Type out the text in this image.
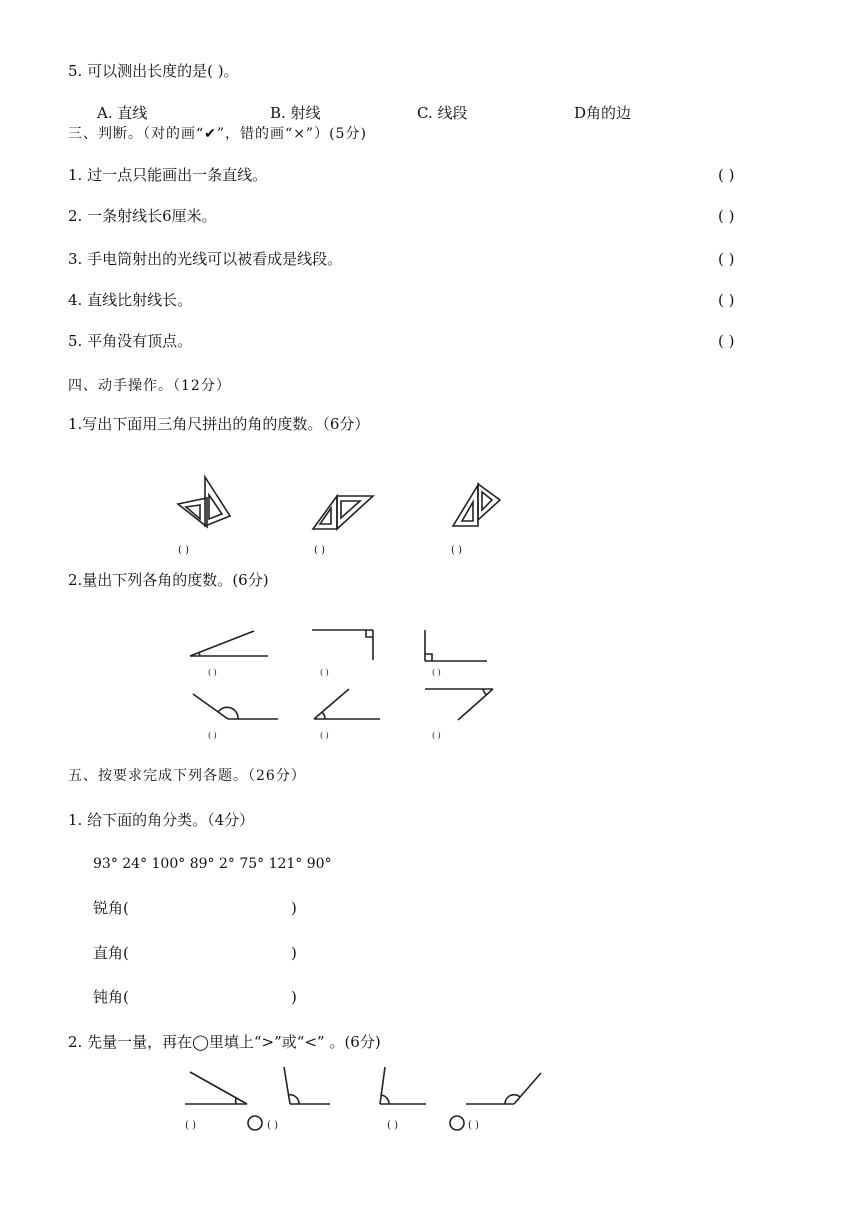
5. 可以测出长度的是( )。
A. 直线	B. 射线	C. 线段	D角的边
三、判断。（对的画“✔”，错的画“×”）(5分)
1. 过一点只能画出一条直线。	( )
2. 一条射线长6厘米。	( )
3. 手电筒射出的光线可以被看成是线段。	( )
4. 直线比射线长。	( )
5. 平角没有顶点。	( )
四、动手操作。（12分）
1.写出下面用三角尺拼出的角的度数。（6分）
( )	( )	( )
2.量出下列各角的度数。(6分)
( )	( )	( )
( )	( )	( )
五、按要求完成下列各题。（26分）
1. 给下面的角分类。（4分）
93° 24° 100° 89° 2° 75° 121° 90°
锐角(	)
直角(	)
钝角(	)
2. 先量一量，再在◯里填上“>”或“<” 。(6分)
( )	( )	( )	( )
